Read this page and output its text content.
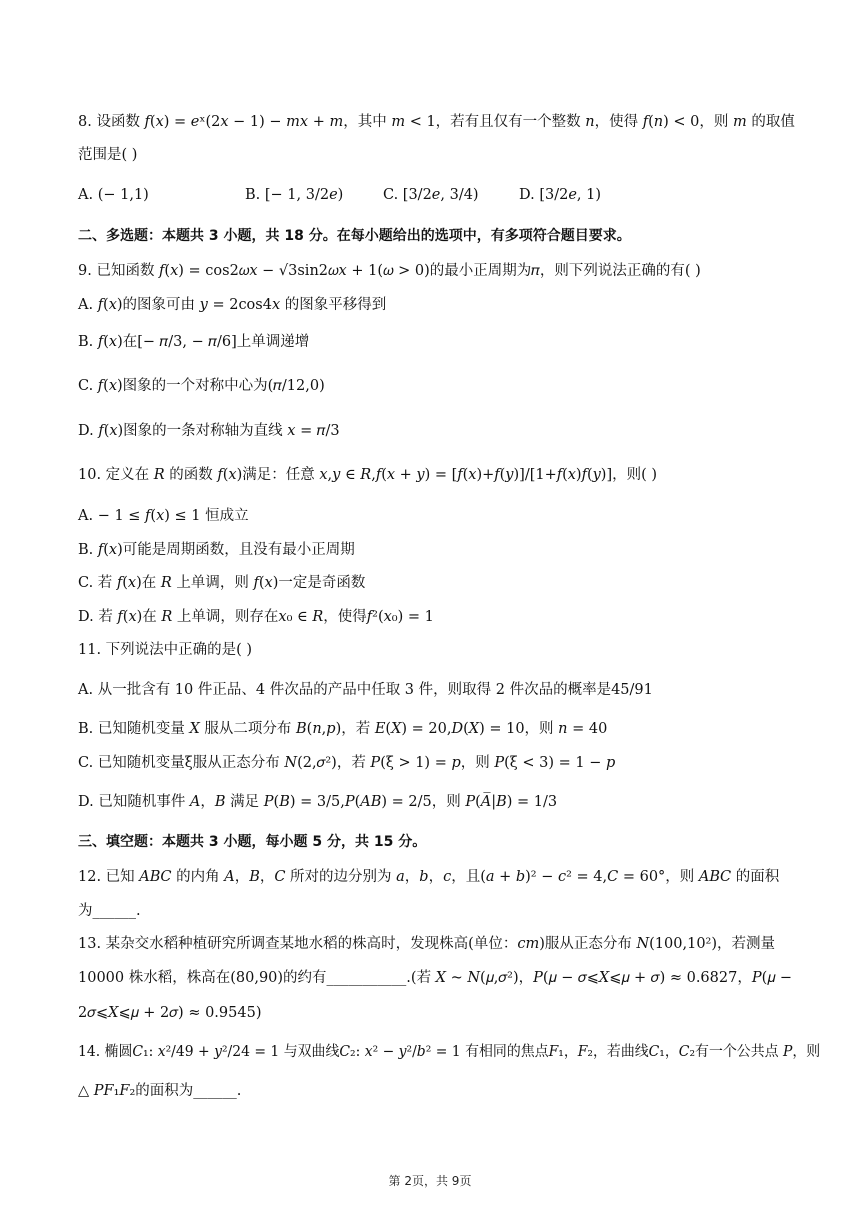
8. 设函数 𝑓(𝑥) = 𝑒ˣ(2𝑥 − 1) − 𝑚𝑥 + 𝑚，其中 𝑚 < 1，若有且仅有一个整数 𝑛，使得 𝑓(𝑛) < 0，则 𝑚 的取值
范围是( )
A. (− 1,1)	B. [− 1, 3/2𝑒)	C. [3/2𝑒, 3/4)	D. [3/2𝑒, 1)
二、多选题：本题共 3 小题，共 18 分。在每小题给出的选项中，有多项符合题目要求。
9. 已知函数 𝑓(𝑥) = cos2𝜔𝑥 − √3sin2𝜔𝑥 + 1(𝜔 > 0)的最小正周期为𝜋，则下列说法正确的有( )
A. 𝑓(𝑥)的图象可由 𝑦 = 2cos4𝑥 的图象平移得到
B. 𝑓(𝑥)在[− 𝜋/3, − 𝜋/6]上单调递增
C. 𝑓(𝑥)图象的一个对称中心为(𝜋/12,0)
D. 𝑓(𝑥)图象的一条对称轴为直线 𝑥 = 𝜋/3
10. 定义在 𝑅 的函数 𝑓(𝑥)满足：任意 𝑥,𝑦 ∈ 𝑅,𝑓(𝑥 + 𝑦) = [𝑓(𝑥)+𝑓(𝑦)]/[1+𝑓(𝑥)𝑓(𝑦)]，则( )
A. − 1 ≤ 𝑓(𝑥) ≤ 1 恒成立
B. 𝑓(𝑥)可能是周期函数，且没有最小正周期
C. 若 𝑓(𝑥)在 𝑅 上单调，则 𝑓(𝑥)一定是奇函数
D. 若 𝑓(𝑥)在 𝑅 上单调，则存在𝑥₀ ∈ 𝑅，使得𝑓²(𝑥₀) = 1
11. 下列说法中正确的是( )
A. 从一批含有 10 件正品、4 件次品的产品中任取 3 件，则取得 2 件次品的概率是45/91
B. 已知随机变量 𝑋 服从二项分布 𝐵(𝑛,𝑝)，若 𝐸(𝑋) = 20,𝐷(𝑋) = 10，则 𝑛 = 40
C. 已知随机变量ξ服从正态分布 𝑁(2,𝜎²)，若 𝑃(ξ > 1) = 𝑝，则 𝑃(ξ < 3) = 1 − 𝑝
D. 已知随机事件 𝐴，𝐵 满足 𝑃(𝐵) = 3/5,𝑃(𝐴𝐵) = 2/5，则 𝑃(𝐴̅|𝐵) = 1/3
三、填空题：本题共 3 小题，每小题 5 分，共 15 分。
12. 已知 𝐴𝐵𝐶 的内角 𝐴，𝐵，𝐶 所对的边分别为 𝑎，𝑏，𝑐，且(𝑎 + 𝑏)² − 𝑐² = 4,𝐶 = 60°，则 𝐴𝐵𝐶 的面积
为______.
13. 某杂交水稻种植研究所调查某地水稻的株高时，发现株高(单位：𝑐𝑚)服从正态分布 𝑁(100,10²)，若测量
10000 株水稻，株高在(80,90)的约有___________.(若 𝑋 ~ 𝑁(𝜇,𝜎²)，𝑃(𝜇 − 𝜎⩽𝑋⩽𝜇 + 𝜎) ≈ 0.6827，𝑃(𝜇 −
2𝜎⩽𝑋⩽𝜇 + 2𝜎) ≈ 0.9545)
14. 椭圆𝐶₁: 𝑥²/49 + 𝑦²/24 = 1 与双曲线𝐶₂: 𝑥² − 𝑦²/𝑏² = 1 有相同的焦点𝐹₁，𝐹₂，若曲线𝐶₁，𝐶₂有一个公共点 𝑃，则
△ 𝑃𝐹₁𝐹₂的面积为______.
第 2页，共 9页
